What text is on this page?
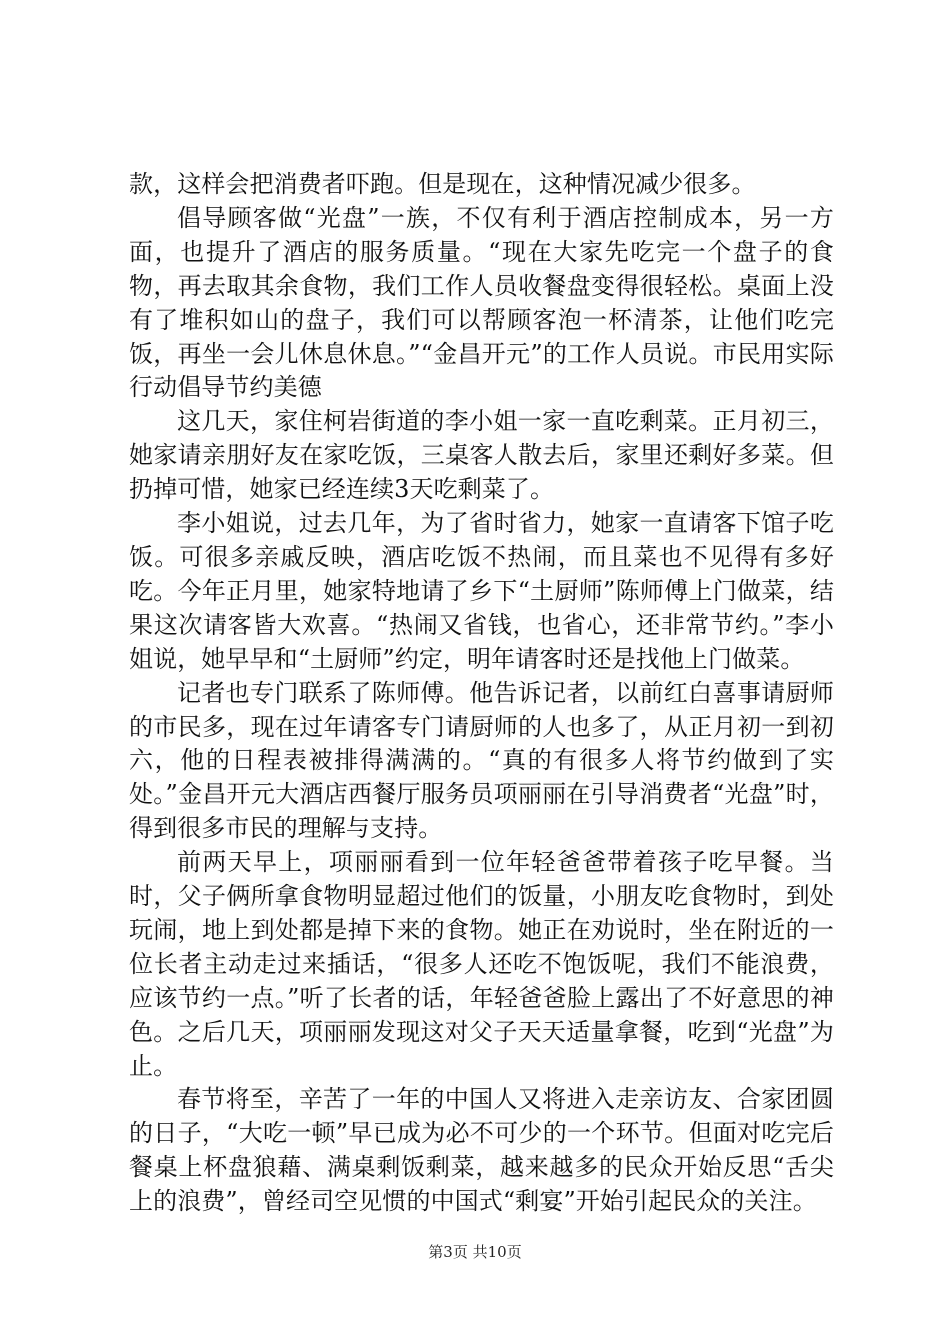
款，这样会把消费者吓跑。但是现在，这种情况减少很多。

倡导顾客做“光盘”一族，不仅有利于酒店控制成本，另一方面，也提升了酒店的服务质量。“现在大家先吃完一个盘子的食物，再去取其余食物，我们工作人员收餐盘变得很轻松。桌面上没有了堆积如山的盘子，我们可以帮顾客泡一杯清茶，让他们吃完饭，再坐一会儿休息休息。”“金昌开元”的工作人员说。市民用实际行动倡导节约美德

这几天，家住柯岩街道的李小姐一家一直吃剩菜。正月初三，她家请亲朋好友在家吃饭，三桌客人散去后，家里还剩好多菜。但扔掉可惜，她家已经连续3天吃剩菜了。

李小姐说，过去几年，为了省时省力，她家一直请客下馆子吃饭。可很多亲戚反映，酒店吃饭不热闹，而且菜也不见得有多好吃。今年正月里，她家特地请了乡下“土厨师”陈师傅上门做菜，结果这次请客皆大欢喜。“热闹又省钱，也省心，还非常节约。”李小姐说，她早早和“土厨师”约定，明年请客时还是找他上门做菜。

记者也专门联系了陈师傅。他告诉记者，以前红白喜事请厨师的市民多，现在过年请客专门请厨师的人也多了，从正月初一到初六，他的日程表被排得满满的。“真的有很多人将节约做到了实处。”金昌开元大酒店西餐厅服务员项丽丽在引导消费者“光盘”时，得到很多市民的理解与支持。

前两天早上，项丽丽看到一位年轻爸爸带着孩子吃早餐。当时，父子俩所拿食物明显超过他们的饭量，小朋友吃食物时，到处玩闹，地上到处都是掉下来的食物。她正在劝说时，坐在附近的一位长者主动走过来插话，“很多人还吃不饱饭呢，我们不能浪费，应该节约一点。”听了长者的话，年轻爸爸脸上露出了不好意思的神色。之后几天，项丽丽发现这对父子天天适量拿餐，吃到“光盘”为止。

春节将至，辛苦了一年的中国人又将进入走亲访友、合家团圆的日子，“大吃一顿”早已成为必不可少的一个环节。但面对吃完后餐桌上杯盘狼藉、满桌剩饭剩菜，越来越多的民众开始反思“舌尖上的浪费”，曾经司空见惯的中国式“剩宴”开始引起民众的关注。

第3页 共10页
